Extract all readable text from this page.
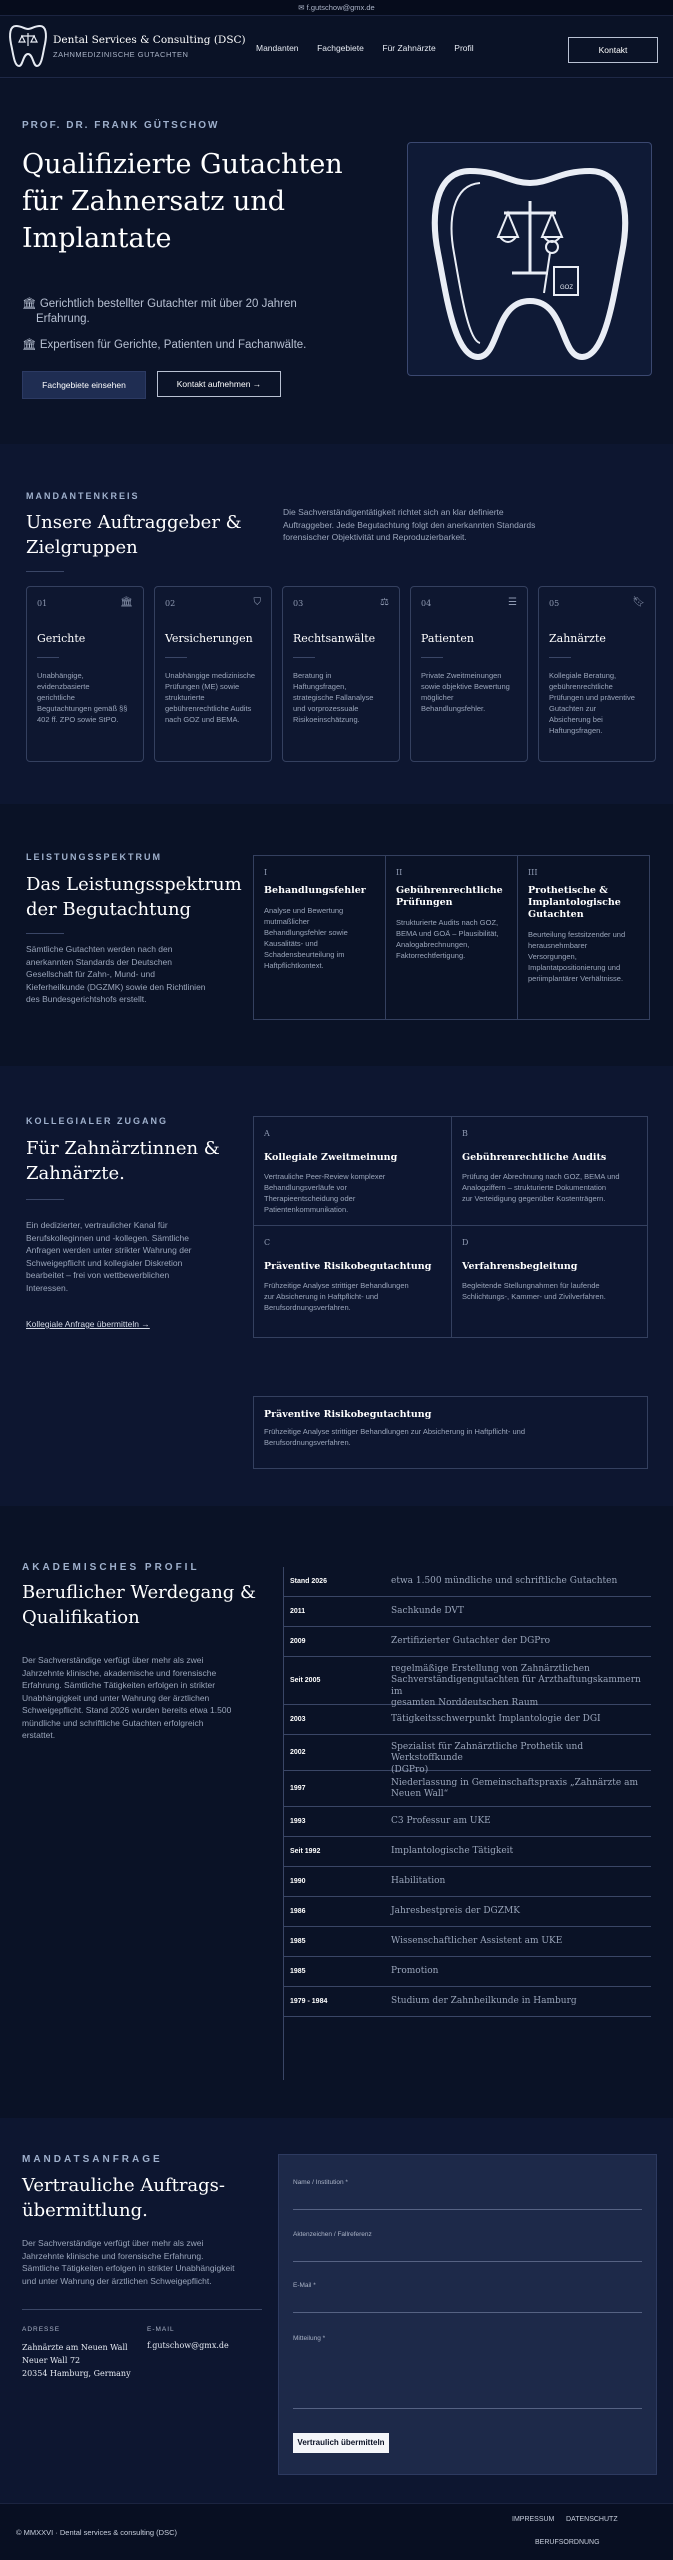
✉ f.gutschow@gmx.de
Dental Services & Consulting (DSC)
ZAHNMEDIZINISCHE GUTACHTEN
Mandanten Fachgebiete Für Zahnärzte Profil	Kontakt
PROF. DR. FRANK GÜTSCHOW
Qualifizierte Gutachten
für Zahnersatz und
Implantate
🏛︎ Gerichtlich bestellter Gutachter mit über 20 Jahren
Erfahrung.
🏛︎ Expertisen für Gerichte, Patienten und Fachanwälte.
Fachgebiete einsehen	Kontakt aufnehmen →
GOZ
MANDANTENKREIS
Unsere Auftraggeber &
Zielgruppen
Die Sachverständigentätigkeit richtet sich an klar definierte
Auftraggeber. Jede Begutachtung folgt den anerkannten Standards
forensischer Objektivität und Reproduzierbarkeit.
01	🏛︎
Gerichte
Unabhängige,
evidenzbasierte
gerichtliche
Begutachtungen gemäß §§
402 ff. ZPO sowie StPO.
02	⛉
Versicherungen
Unabhängige medizinische
Prüfungen (ME) sowie
strukturierte
gebührenrechtliche Audits
nach GOZ und BEMA.
03	⚖︎
Rechtsanwälte
Beratung in
Haftungsfragen,
strategische Fallanalyse
und vorprozessuale
Risikoeinschätzung.
04	☰
Patienten
Private Zweitmeinungen
sowie objektive Bewertung
möglicher
Behandlungsfehler.
05	🔖︎
Zahnärzte
Kollegiale Beratung,
gebührenrechtliche
Prüfungen und präventive
Gutachten zur
Absicherung bei
Haftungsfragen.
LEISTUNGSSPEKTRUM
Das Leistungsspektrum
der Begutachtung
Sämtliche Gutachten werden nach den
anerkannten Standards der Deutschen
Gesellschaft für Zahn-, Mund- und
Kieferheilkunde (DGZMK) sowie den Richtlinien
des Bundesgerichtshofs erstellt.
I
Behandlungsfehler
Analyse und Bewertung
mutmaßlicher
Behandlungsfehler sowie
Kausalitäts- und
Schadensbeurteilung im
Haftpflichtkontext.
II
Gebührenrechtliche
Prüfungen
Strukturierte Audits nach GOZ,
BEMA und GOÄ – Plausibilität,
Analogabrechnungen,
Faktorrechtfertigung.
III
Prothetische &
Implantologische
Gutachten
Beurteilung festsitzender und
herausnehmbarer
Versorgungen,
Implantatpositionierung und
periimplantärer Verhältnisse.
KOLLEGIALER ZUGANG
Für Zahnärztinnen &
Zahnärzte.
Ein dedizierter, vertraulicher Kanal für
Berufskolleginnen und -kollegen. Sämtliche
Anfragen werden unter strikter Wahrung der
Schweigepflicht und kollegialer Diskretion
bearbeitet – frei von wettbewerblichen
Interessen.
Kollegiale Anfrage übermitteln →
A
Kollegiale Zweitmeinung
Vertrauliche Peer-Review komplexer
Behandlungsverläufe vor
Therapieentscheidung oder
Patientenkommunikation.
B
Gebührenrechtliche Audits
Prüfung der Abrechnung nach GOZ, BEMA und
Analogziffern – strukturierte Dokumentation
zur Verteidigung gegenüber Kostenträgern.
C
Präventive Risikobegutachtung
Frühzeitige Analyse strittiger Behandlungen
zur Absicherung in Haftpflicht- und
Berufsordnungsverfahren.
D
Verfahrensbegleitung
Begleitende Stellungnahmen für laufende
Schlichtungs-, Kammer- und Zivilverfahren.
Präventive Risikobegutachtung
Frühzeitige Analyse strittiger Behandlungen zur Absicherung in Haftpflicht- und
Berufsordnungsverfahren.
AKADEMISCHES PROFIL
Beruflicher Werdegang &
Qualifikation
Der Sachverständige verfügt über mehr als zwei
Jahrzehnte klinische, akademische und forensische
Erfahrung. Sämtliche Tätigkeiten erfolgen in strikter
Unabhängigkeit und unter Wahrung der ärztlichen
Schweigepflicht. Stand 2026 wurden bereits etwa 1.500
mündliche und schriftliche Gutachten erfolgreich
erstattet.
Stand 2026	etwa 1.500 mündliche und schriftliche Gutachten
2011	Sachkunde DVT
2009	Zertifizierter Gutachter der DGPro
Seit 2005
regelmäßige Erstellung von Zahnärztlichen
Sachverständigengutachten für Arzthaftungskammern im
gesamten Norddeutschen Raum
2003	Tätigkeitsschwerpunkt Implantologie der DGI
2002
Spezialist für Zahnärztliche Prothetik und Werkstoffkunde
(DGPro)
1997
Niederlassung in Gemeinschaftspraxis „Zahnärzte am
Neuen Wall“
1993	C3 Professur am UKE
Seit 1992	Implantologische Tätigkeit
1990	Habilitation
1986	Jahresbestpreis der DGZMK
1985	Wissenschaftlicher Assistent am UKE
1985	Promotion
1979 - 1984	Studium der Zahnheilkunde in Hamburg
MANDATSANFRAGE
Vertrauliche Auftrags-
übermittlung.
Der Sachverständige verfügt über mehr als zwei
Jahrzehnte klinische und forensische Erfahrung.
Sämtliche Tätigkeiten erfolgen in strikter Unabhängigkeit
und unter Wahrung der ärztlichen Schweigepflicht.
ADRESSE
Zahnärzte am Neuen Wall
Neuer Wall 72
20354 Hamburg, Germany
E-MAIL
f.gutschow@gmx.de
Name / Institution *
Aktenzeichen / Fallreferenz
E-Mail *
Mitteilung *
Vertraulich übermitteln
© MMXXVI · Dental services & consulting (DSC)
IMPRESSUM DATENSCHUTZ
BERUFSORDNUNG
